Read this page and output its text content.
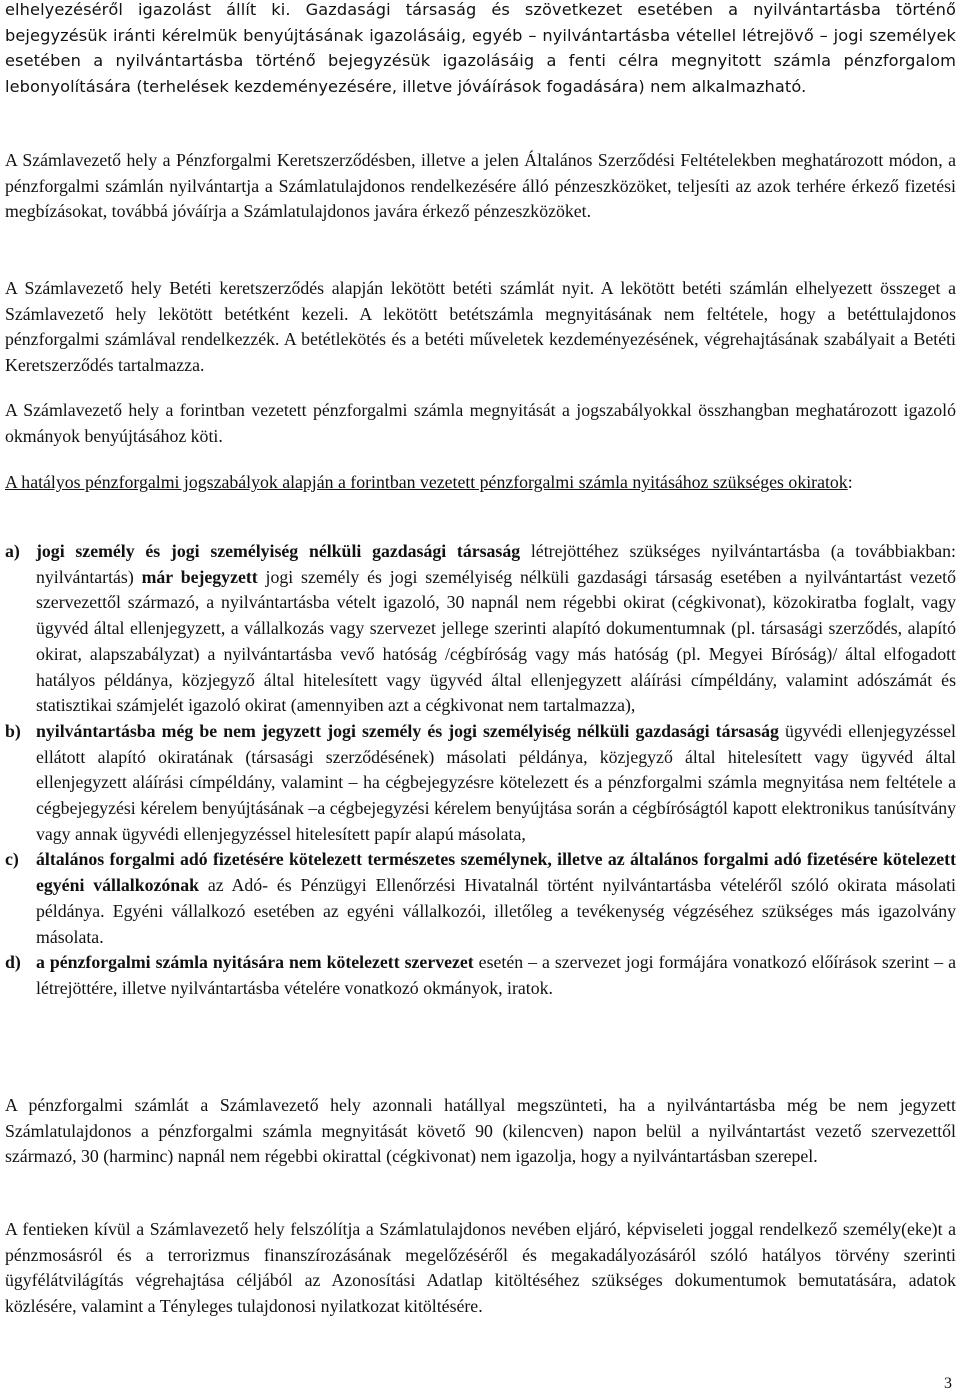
elhelyezéséről igazolást állít ki. Gazdasági társaság és szövetkezet esetében a nyilvántartásba történő bejegyzésük iránti kérelmük benyújtásának igazolásáig, egyéb – nyilvántartásba vétellel létrejövő – jogi személyek esetében a nyilvántartásba történő bejegyzésük igazolásáig a fenti célra megnyitott számla pénzforgalom lebonyolítására (terhelések kezdeményezésére, illetve jóváírások fogadására) nem alkalmazható.

A Számlavezető hely a Pénzforgalmi Keretszerződésben, illetve a jelen Általános Szerződési Feltételekben meghatározott módon, a pénzforgalmi számlán nyilvántartja a Számlatulajdonos rendelkezésére álló pénzeszközöket, teljesíti az azok terhére érkező fizetési megbízásokat, továbbá jóváírja a Számlatulajdonos javára érkező pénzeszközöket.

A Számlavezető hely Betéti keretszerződés alapján lekötött betéti számlát nyit. A lekötött betéti számlán elhelyezett összeget a Számlavezető hely lekötött betétként kezeli. A lekötött betétszámla megnyitásának nem feltétele, hogy a betéttulajdonos pénzforgalmi számlával rendelkezzék. A betétlekötés és a betéti műveletek kezdeményezésének, végrehajtásának szabályait a Betéti Keretszerződés tartalmazza.

A Számlavezető hely a forintban vezetett pénzforgalmi számla megnyitását a jogszabályokkal összhangban meghatározott igazoló okmányok benyújtásához köti.

A hatályos pénzforgalmi jogszabályok alapján a forintban vezetett pénzforgalmi számla nyitásához szükséges okiratok:

a) jogi személy és jogi személyiség nélküli gazdasági társaság létrejöttéhez szükséges nyilvántartásba (a továbbiakban: nyilvántartás) már bejegyzett jogi személy és jogi személyiség nélküli gazdasági társaság esetében a nyilvántartást vezető szervezettől származó, a nyilvántartásba vételt igazoló, 30 napnál nem régebbi okirat (cégkivonat), közokiratba foglalt, vagy ügyvéd által ellenjegyzett, a vállalkozás vagy szervezet jellege szerinti alapító dokumentumnak (pl. társasági szerződés, alapító okirat, alapszabályzat) a nyilvántartásba vevő hatóság /cégbíróság vagy más hatóság (pl. Megyei Bíróság)/ által elfogadott hatályos példánya, közjegyző által hitelesített vagy ügyvéd által ellenjegyzett aláírási címpéldány, valamint adószámát és statisztikai számjelét igazoló okirat (amennyiben azt a cégkivonat nem tartalmazza),
b) nyilvántartásba még be nem jegyzett jogi személy és jogi személyiség nélküli gazdasági társaság ügyvédi ellenjegyzéssel ellátott alapító okiratának (társasági szerződésének) másolati példánya, közjegyző által hitelesített vagy ügyvéd által ellenjegyzett aláírási címpéldány, valamint – ha cégbejegyzésre kötelezett és a pénzforgalmi számla megnyitása nem feltétele a cégbejegyzési kérelem benyújtásának –a cégbejegyzési kérelem benyújtása során a cégbíróságtól kapott elektronikus tanúsítvány vagy annak ügyvédi ellenjegyzéssel hitelesített papír alapú másolata,
c) általános forgalmi adó fizetésére kötelezett természetes személynek, illetve az általános forgalmi adó fizetésére kötelezett egyéni vállalkozónak az Adó- és Pénzügyi Ellenőrzési Hivatalnál történt nyilvántartásba vételéről szóló okirata másolati példánya. Egyéni vállalkozó esetében az egyéni vállalkozói, illetőleg a tevékenység végzéséhez szükséges más igazolvány másolata.
d) a pénzforgalmi számla nyitására nem kötelezett szervezet esetén – a szervezet jogi formájára vonatkozó előírások szerint – a létrejöttére, illetve nyilvántartásba vételére vonatkozó okmányok, iratok.

A pénzforgalmi számlát a Számlavezető hely azonnali hatállyal megszünteti, ha a nyilvántartásba még be nem jegyzett Számlatulajdonos a pénzforgalmi számla megnyitását követő 90 (kilencven) napon belül a nyilvántartást vezető szervezettől származó, 30 (harminc) napnál nem régebbi okirattal (cégkivonat) nem igazolja, hogy a nyilvántartásban szerepel.

A fentieken kívül a Számlavezető hely felszólítja a Számlatulajdonos nevében eljáró, képviseleti joggal rendelkező személy(eke)t a pénzmosásról és a terrorizmus finanszírozásának megelőzéséről és megakadályozásáról szóló hatályos törvény szerinti ügyfélátvilágítás végrehajtása céljából az Azonosítási Adatlap kitöltéséhez szükséges dokumentumok bemutatására, adatok közlésére, valamint a Tényleges tulajdonosi nyilatkozat kitöltésére.

3
